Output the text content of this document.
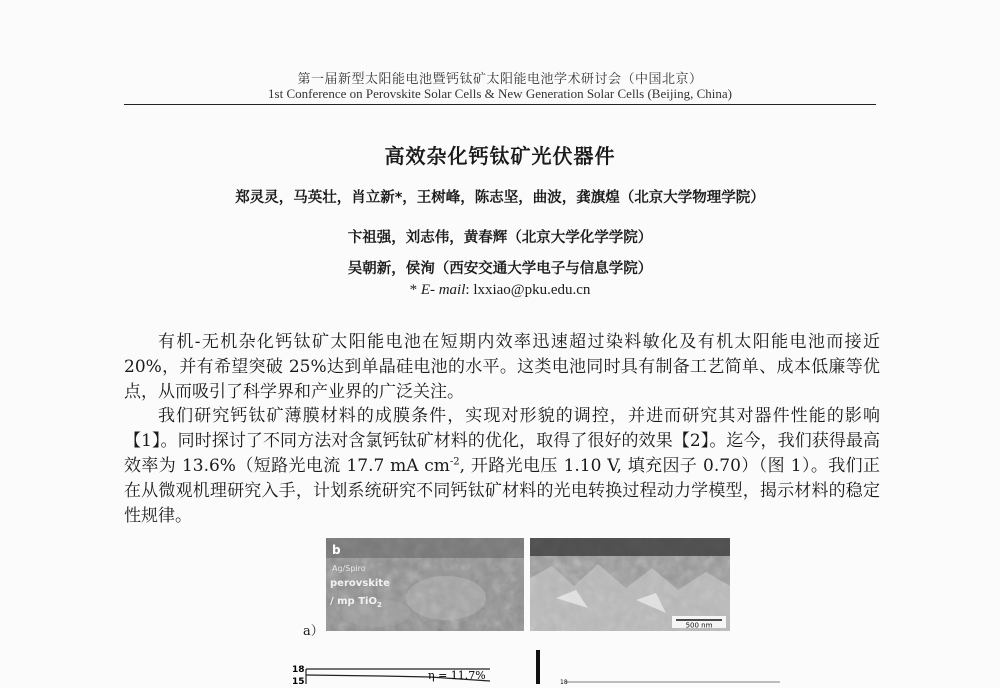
第一届新型太阳能电池暨钙钛矿太阳能电池学术研讨会（中国北京）
1st Conference on Perovskite Solar Cells & New Generation Solar Cells (Beijing, China)
高效杂化钙钛矿光伏器件
郑灵灵，马英壮，肖立新*，王树峰，陈志坚，曲波，龚旗煌（北京大学物理学院）
卞祖强，刘志伟，黄春辉（北京大学化学学院）
吴朝新，侯洵（西安交通大学电子与信息学院）
* E- mail: lxxiao@pku.edu.cn
有机-无机杂化钙钛矿太阳能电池在短期内效率迅速超过染料敏化及有机太阳能电池而接近 20%，并有希望突破 25%达到单晶硅电池的水平。这类电池同时具有制备工艺简单、成本低廉等优点，从而吸引了科学界和产业界的广泛关注。
我们研究钙钛矿薄膜材料的成膜条件，实现对形貌的调控，并进而研究其对器件性能的影响【1】。同时探讨了不同方法对含氯钙钛矿材料的优化，取得了很好的效果【2】。迄今，我们获得最高效率为 13.6%（短路光电流 17.7 mA $cm^{-2}$, 开路光电压 1.10 V, 填充因子 0.70）（图 1）。我们正在从微观机理研究入手，计划系统研究不同钙钛矿材料的光电转换过程动力学模型，揭示材料的稳定性规律。
500 nm
b
Ag/Spiro
perovskite
/ mp TiO$_2$
a）
18
15	η = 11.7%
18
